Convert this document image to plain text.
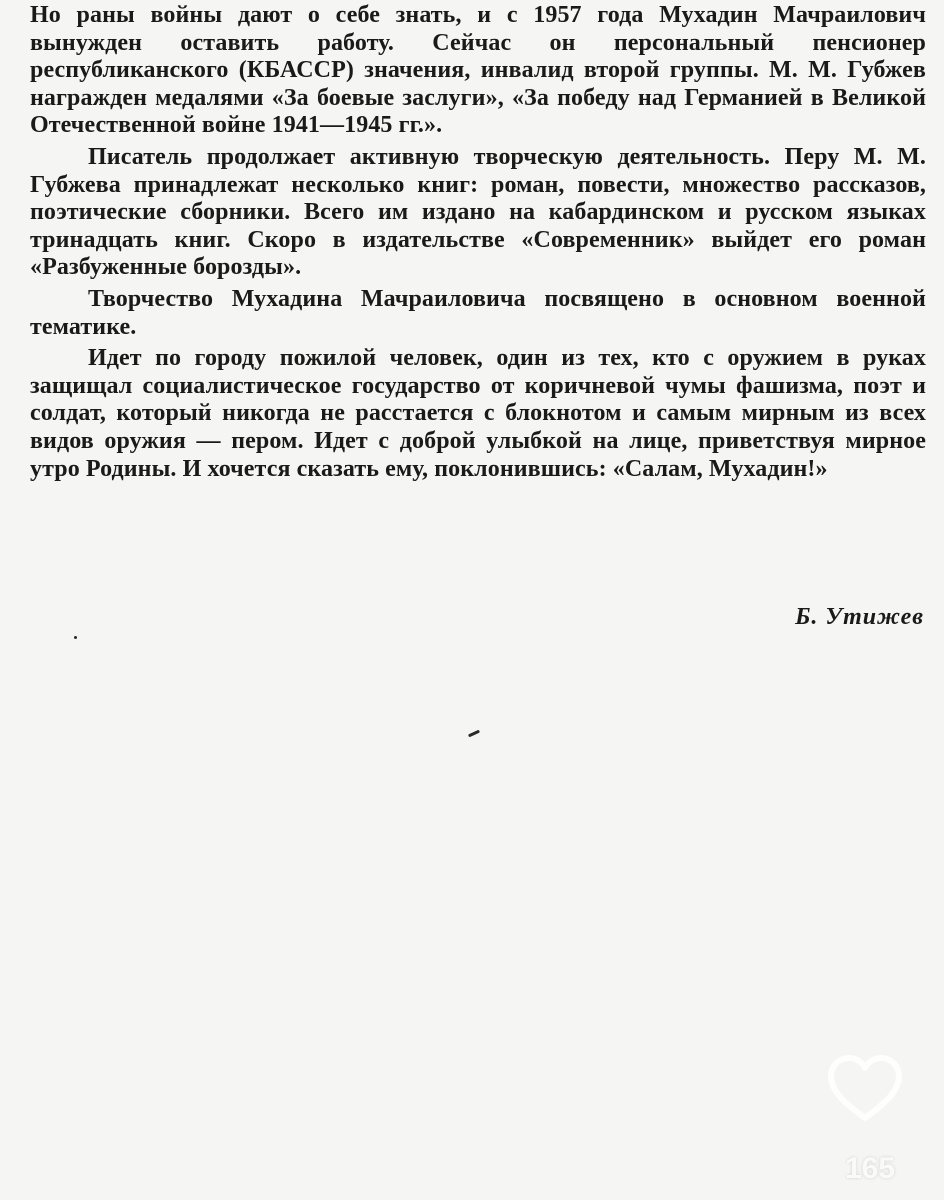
Но раны войны дают о себе знать, и с 1957 года Мухадин Мачраилович вынужден оставить работу. Сейчас он персональный пенсионер республиканского (КБАССР) значения, инвалид второй группы. М. М. Губжев награжден медалями «За боевые заслуги», «За победу над Германией в Великой Отечественной войне 1941—1945 гг.».

Писатель продолжает активную творческую деятельность. Перу М. М. Губжева принадлежат несколько книг: роман, повести, множество рассказов, поэтические сборники. Всего им издано на кабардинском и русском языках тринадцать книг. Скоро в издательстве «Современник» выйдет его роман «Разбуженные борозды».

Творчество Мухадина Мачраиловича посвящено в основном военной тематике.

Идет по городу пожилой человек, один из тех, кто с оружием в руках защищал социалистическое государство от коричневой чумы фашизма, поэт и солдат, который никогда не расстается с блокнотом и самым мирным из всех видов оружия — пером. Идет с доброй улыбкой на лице, приветствуя мирное утро Родины. И хочется сказать ему, поклонившись: «Салам, Мухадин!»

Б. Утижев
165
